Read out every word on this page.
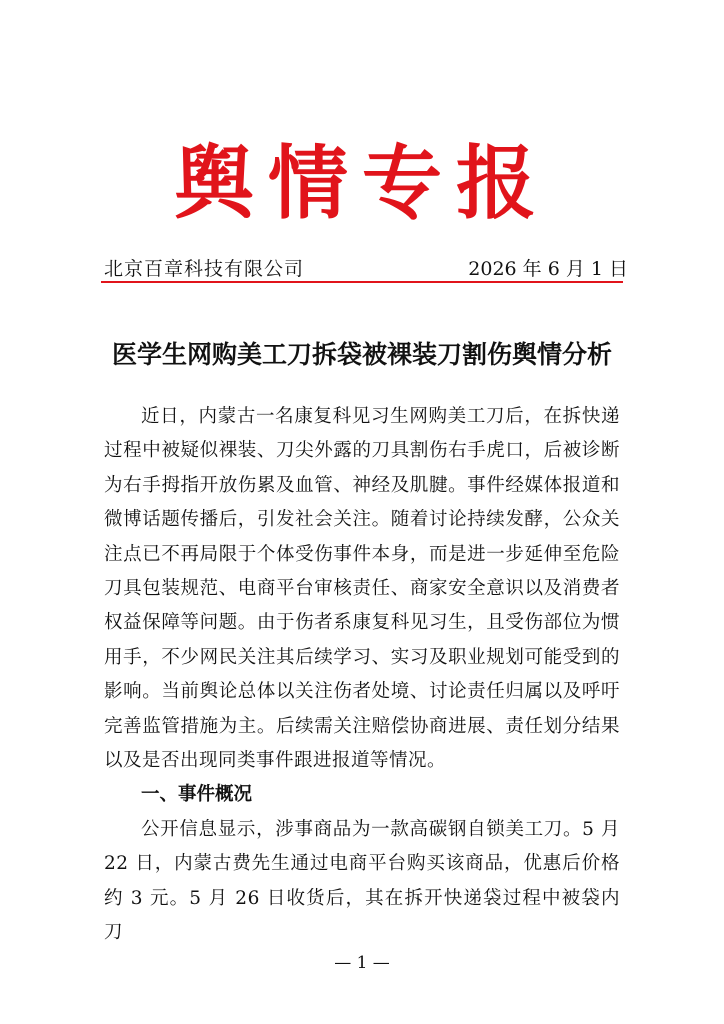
舆情专报
北京百章科技有限公司	2026 年 6 月 1 日
医学生网购美工刀拆袋被裸装刀割伤舆情分析

近日，内蒙古一名康复科见习生网购美工刀后，在拆快递过程中被疑似裸装、刀尖外露的刀具割伤右手虎口，后被诊断为右手拇指开放伤累及血管、神经及肌腱。事件经媒体报道和微博话题传播后，引发社会关注。随着讨论持续发酵，公众关注点已不再局限于个体受伤事件本身，而是进一步延伸至危险刀具包装规范、电商平台审核责任、商家安全意识以及消费者权益保障等问题。由于伤者系康复科见习生，且受伤部位为惯用手，不少网民关注其后续学习、实习及职业规划可能受到的影响。当前舆论总体以关注伤者处境、讨论责任归属以及呼吁完善监管措施为主。后续需关注赔偿协商进展、责任划分结果以及是否出现同类事件跟进报道等情况。

一、事件概况

公开信息显示，涉事商品为一款高碳钢自锁美工刀。5 月 22 日，内蒙古费先生通过电商平台购买该商品，优惠后价格约 3 元。5 月 26 日收货后，其在拆开快递袋过程中被袋内刀

— 1 —
